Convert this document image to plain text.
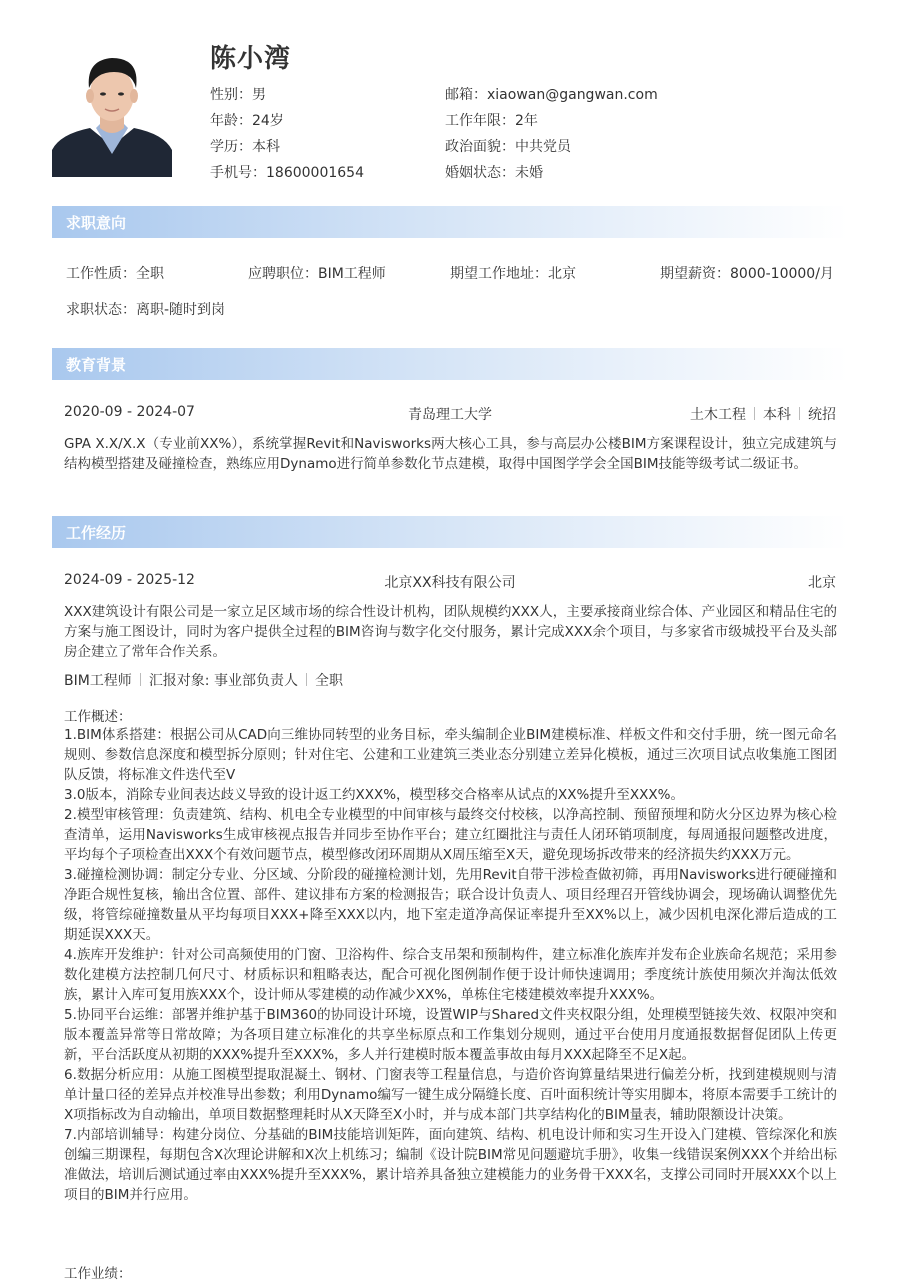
陈小湾
性别：男	邮箱：xiaowan@gangwan.com
年龄：24岁	工作年限：2年
学历：本科	政治面貌：中共党员
手机号：18600001654	婚姻状态：未婚
求职意向
工作性质：全职	应聘职位：BIM工程师	期望工作地址：北京	期望薪资：8000-10000/月
求职状态：离职-随时到岗
教育背景
2020-09 - 2024-07	青岛理工大学	土木工程 本科 统招

GPA X.X/X.X（专业前XX%），系统掌握Revit和Navisworks两大核心工具，参与高层办公楼BIM方案课程设计，独立完成建筑与结构模型搭建及碰撞检查，熟练应用Dynamo进行简单参数化节点建模，取得中国图学学会全国BIM技能等级考试二级证书。

工作经历
2024-09 - 2025-12	北京XX科技有限公司	北京

XXX建筑设计有限公司是一家立足区域市场的综合性设计机构，团队规模约XXX人，主要承接商业综合体、产业园区和精品住宅的方案与施工图设计，同时为客户提供全过程的BIM咨询与数字化交付服务，累计完成XXX余个项目，与多家省市级城投平台及头部房企建立了常年合作关系。

BIM工程师 汇报对象: 事业部负责人 全职
工作概述：
1.BIM体系搭建：根据公司从CAD向三维协同转型的业务目标，牵头编制企业BIM建模标准、样板文件和交付手册，统一图元命名规则、参数信息深度和模型拆分原则；针对住宅、公建和工业建筑三类业态分别建立差异化模板，通过三次项目试点收集施工图团队反馈，将标准文件迭代至V
3.0版本，消除专业间表达歧义导致的设计返工约XXX%，模型移交合格率从试点的XX%提升至XXX%。
2.模型审核管理：负责建筑、结构、机电全专业模型的中间审核与最终交付校核，以净高控制、预留预埋和防火分区边界为核心检查清单，运用Navisworks生成审核视点报告并同步至协作平台；建立红圈批注与责任人闭环销项制度，每周通报问题整改进度，平均每个子项检查出XXX个有效问题节点，模型修改闭环周期从X周压缩至X天，避免现场拆改带来的经济损失约XXX万元。
3.碰撞检测协调：制定分专业、分区域、分阶段的碰撞检测计划，先用Revit自带干涉检查做初筛，再用Navisworks进行硬碰撞和净距合规性复核，输出含位置、部件、建议排布方案的检测报告；联合设计负责人、项目经理召开管线协调会，现场确认调整优先级，将管综碰撞数量从平均每项目XXX+降至XXX以内，地下室走道净高保证率提升至XX%以上，减少因机电深化滞后造成的工期延误XXX天。
4.族库开发维护：针对公司高频使用的门窗、卫浴构件、综合支吊架和预制构件，建立标准化族库并发布企业族命名规范；采用参数化建模方法控制几何尺寸、材质标识和粗略表达，配合可视化图例制作便于设计师快速调用；季度统计族使用频次并淘汰低效族，累计入库可复用族XXX个，设计师从零建模的动作减少XX%，单栋住宅楼建模效率提升XXX%。
5.协同平台运维：部署并维护基于BIM360的协同设计环境，设置WIP与Shared文件夹权限分组，处理模型链接失效、权限冲突和版本覆盖异常等日常故障；为各项目建立标准化的共享坐标原点和工作集划分规则，通过平台使用月度通报数据督促团队上传更新，平台活跃度从初期的XXX%提升至XXX%，多人并行建模时版本覆盖事故由每月XXX起降至不足X起。
6.数据分析应用：从施工图模型提取混凝土、钢材、门窗表等工程量信息，与造价咨询算量结果进行偏差分析，找到建模规则与清单计量口径的差异点并校准导出参数；利用Dynamo编写一键生成分隔缝长度、百叶面积统计等实用脚本，将原本需要手工统计的X项指标改为自动输出，单项目数据整理耗时从X天降至X小时，并与成本部门共享结构化的BIM量表，辅助限额设计决策。
7.内部培训辅导：构建分岗位、分基础的BIM技能培训矩阵，面向建筑、结构、机电设计师和实习生开设入门建模、管综深化和族创编三期课程，每期包含X次理论讲解和X次上机练习；编制《设计院BIM常见问题避坑手册》，收集一线错误案例XXX个并给出标准做法，培训后测试通过率由XXX%提升至XXX%，累计培养具备独立建模能力的业务骨干XXX名，支撑公司同时开展XXX个以上项目的BIM并行应用。
工作业绩：
